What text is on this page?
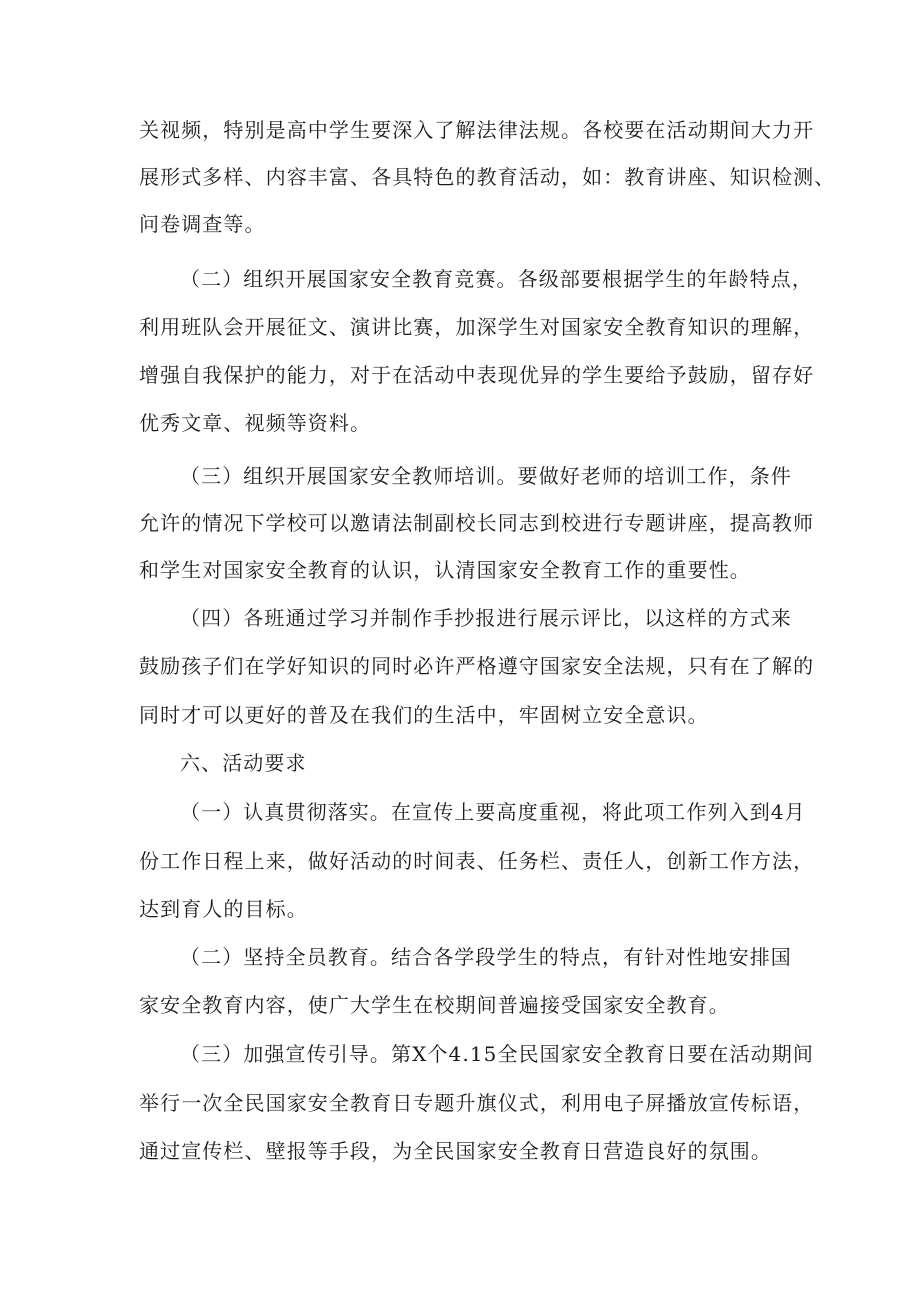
关视频，特别是高中学生要深入了解法律法规。各校要在活动期间大力开
展形式多样、内容丰富、各具特色的教育活动，如：教育讲座、知识检测、
问卷调查等。
（二）组织开展国家安全教育竞赛。各级部要根据学生的年龄特点，
利用班队会开展征文、演讲比赛，加深学生对国家安全教育知识的理解，
增强自我保护的能力，对于在活动中表现优异的学生要给予鼓励，留存好
优秀文章、视频等资料。
（三）组织开展国家安全教师培训。要做好老师的培训工作，条件
允许的情况下学校可以邀请法制副校长同志到校进行专题讲座，提高教师
和学生对国家安全教育的认识，认清国家安全教育工作的重要性。
（四）各班通过学习并制作手抄报进行展示评比，以这样的方式来
鼓励孩子们在学好知识的同时必许严格遵守国家安全法规，只有在了解的
同时才可以更好的普及在我们的生活中，牢固树立安全意识。
六、活动要求
（一）认真贯彻落实。在宣传上要高度重视，将此项工作列入到4月
份工作日程上来，做好活动的时间表、任务栏、责任人，创新工作方法，
达到育人的目标。
（二）坚持全员教育。结合各学段学生的特点，有针对性地安排国
家安全教育内容，使广大学生在校期间普遍接受国家安全教育。
（三）加强宣传引导。第X个4.15全民国家安全教育日要在活动期间
举行一次全民国家安全教育日专题升旗仪式，利用电子屏播放宣传标语，
通过宣传栏、壁报等手段，为全民国家安全教育日营造良好的氛围。
